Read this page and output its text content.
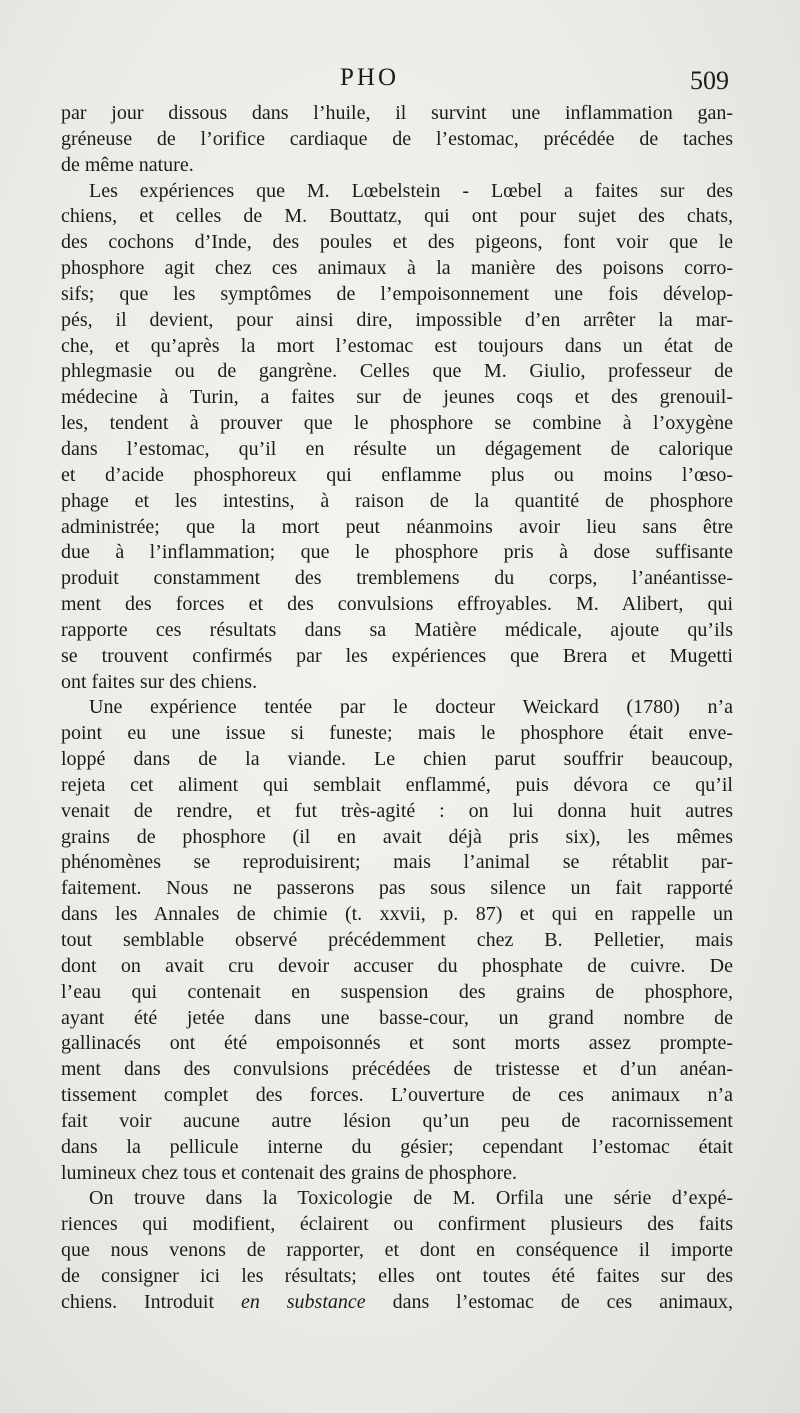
PHO	509
par jour dissous dans l’huile, il survint une inflammation gan-
gréneuse de l’orifice cardiaque de l’estomac, précédée de taches
de même nature.
Les expériences que M. Lœbelstein - Lœbel a faites sur des
chiens, et celles de M. Bouttatz, qui ont pour sujet des chats,
des cochons d’Inde, des poules et des pigeons, font voir que le
phosphore agit chez ces animaux à la manière des poisons corro-
sifs; que les symptômes de l’empoisonnement une fois dévelop-
pés, il devient, pour ainsi dire, impossible d’en arrêter la mar-
che, et qu’après la mort l’estomac est toujours dans un état de
phlegmasie ou de gangrène. Celles que M. Giulio, professeur de
médecine à Turin, a faites sur de jeunes coqs et des grenouil-
les, tendent à prouver que le phosphore se combine à l’oxygène
dans l’estomac, qu’il en résulte un dégagement de calorique
et d’acide phosphoreux qui enflamme plus ou moins l’œso-
phage et les intestins, à raison de la quantité de phosphore
administrée; que la mort peut néanmoins avoir lieu sans être
due à l’inflammation; que le phosphore pris à dose suffisante
produit constamment des tremblemens du corps, l’anéantisse-
ment des forces et des convulsions effroyables. M. Alibert, qui
rapporte ces résultats dans sa Matière médicale, ajoute qu’ils
se trouvent confirmés par les expériences que Brera et Mugetti
ont faites sur des chiens.
Une expérience tentée par le docteur Weickard (1780) n’a
point eu une issue si funeste; mais le phosphore était enve-
loppé dans de la viande. Le chien parut souffrir beaucoup,
rejeta cet aliment qui semblait enflammé, puis dévora ce qu’il
venait de rendre, et fut très-agité : on lui donna huit autres
grains de phosphore (il en avait déjà pris six), les mêmes
phénomènes se reproduisirent; mais l’animal se rétablit par-
faitement. Nous ne passerons pas sous silence un fait rapporté
dans les Annales de chimie (t. xxvii, p. 87) et qui en rappelle un
tout semblable observé précédemment chez B. Pelletier, mais
dont on avait cru devoir accuser du phosphate de cuivre. De
l’eau qui contenait en suspension des grains de phosphore,
ayant été jetée dans une basse-cour, un grand nombre de
gallinacés ont été empoisonnés et sont morts assez prompte-
ment dans des convulsions précédées de tristesse et d’un anéan-
tissement complet des forces. L’ouverture de ces animaux n’a
fait voir aucune autre lésion qu’un peu de racornissement
dans la pellicule interne du gésier; cependant l’estomac était
lumineux chez tous et contenait des grains de phosphore.
On trouve dans la Toxicologie de M. Orfila une série d’expé-
riences qui modifient, éclairent ou confirment plusieurs des faits
que nous venons de rapporter, et dont en conséquence il importe
de consigner ici les résultats; elles ont toutes été faites sur des
chiens. Introduit en substance dans l’estomac de ces animaux,
